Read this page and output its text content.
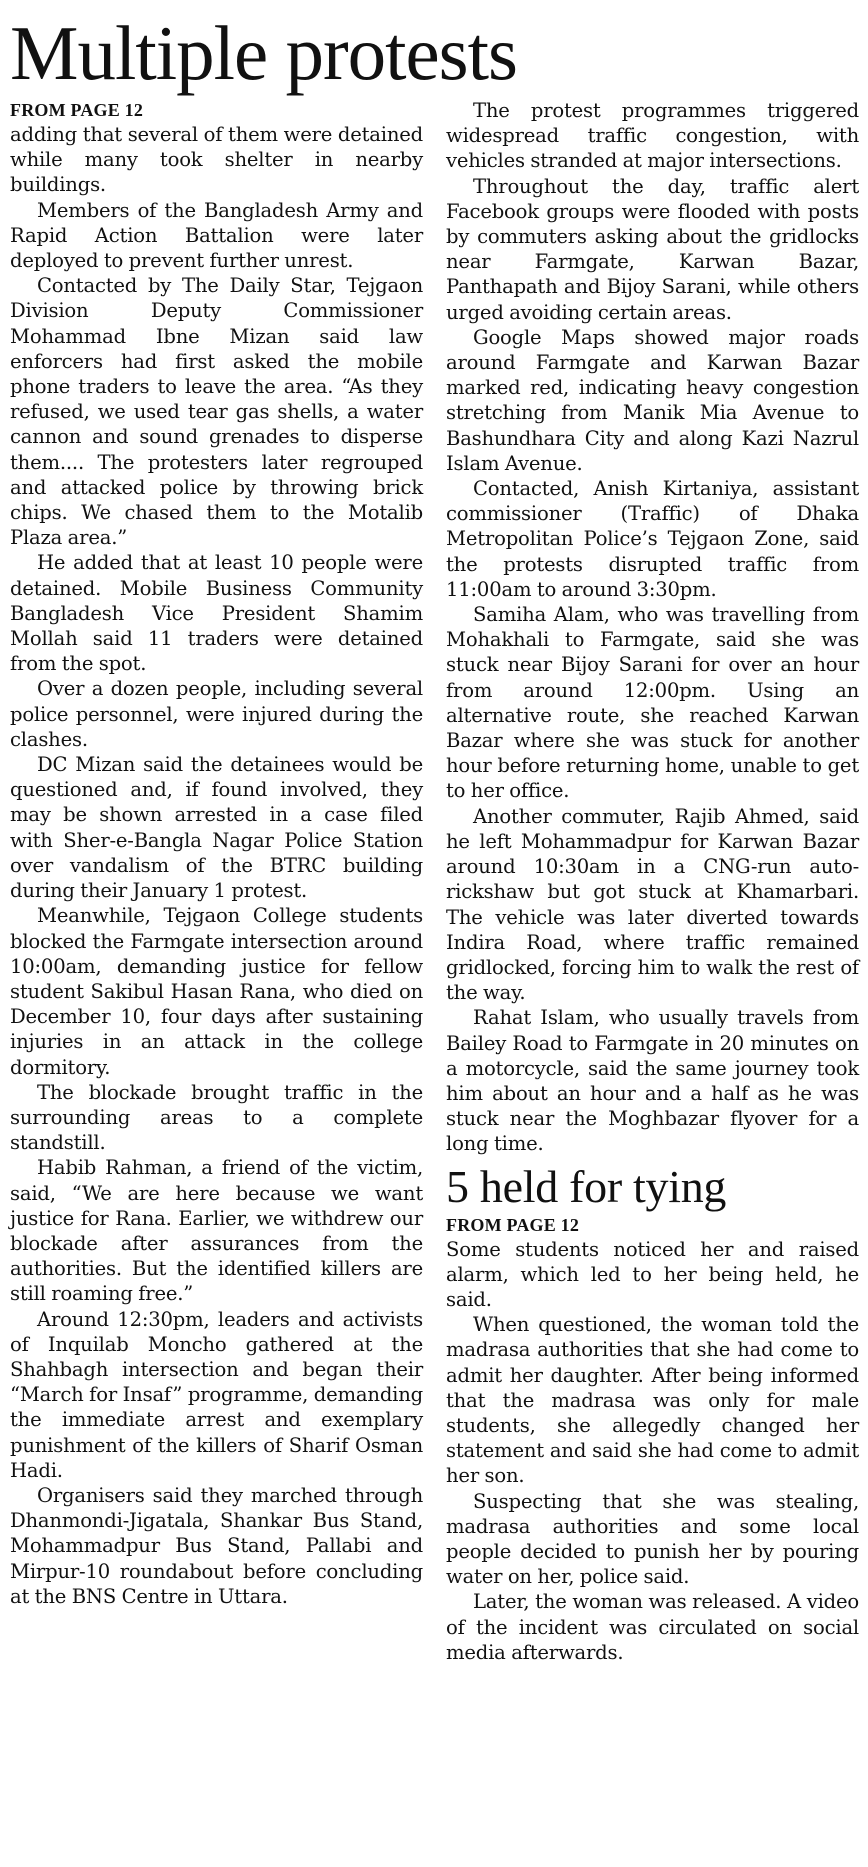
Multiple protests
FROM PAGE 12

adding that several of them were detained while many took shelter in nearby buildings.

Members of the Bangladesh Army and Rapid Action Battalion were later deployed to prevent further unrest.

Contacted by The Daily Star, Tejgaon Division Deputy Commissioner Mohammad Ibne Mizan said law enforcers had first asked the mobile phone traders to leave the area. “As they refused, we used tear gas shells, a water cannon and sound grenades to disperse them.... The protesters later regrouped and attacked police by throwing brick chips. We chased them to the Motalib Plaza area.”

He added that at least 10 people were detained. Mobile Business Community Bangladesh Vice President Shamim Mollah said 11 traders were detained from the spot.

Over a dozen people, including several police personnel, were injured during the clashes.

DC Mizan said the detainees would be questioned and, if found involved, they may be shown arrested in a case filed with Sher-e-Bangla Nagar Police Station over vandalism of the BTRC building during their January 1 protest.

Meanwhile, Tejgaon College students blocked the Farmgate intersection around 10:00am, demanding justice for fellow student Sakibul Hasan Rana, who died on December 10, four days after sustaining injuries in an attack in the college dormitory.

The blockade brought traffic in the surrounding areas to a complete standstill.

Habib Rahman, a friend of the victim, said, “We are here because we want justice for Rana. Earlier, we withdrew our blockade after assurances from the authorities. But the identified killers are still roaming free.”

Around 12:30pm, leaders and activists of Inquilab Moncho gathered at the Shahbagh intersection and began their “March for Insaf” programme, demanding the immediate arrest and exemplary punishment of the killers of Sharif Osman Hadi.

Organisers said they marched through Dhanmondi-Jigatala, Shankar Bus Stand, Mohammadpur Bus Stand, Pallabi and Mirpur-10 roundabout before concluding at the BNS Centre in Uttara.

The protest programmes triggered widespread traffic congestion, with vehicles stranded at major intersections.

Throughout the day, traffic alert Facebook groups were flooded with posts by commuters asking about the gridlocks near Farmgate, Karwan Bazar, Panthapath and Bijoy Sarani, while others urged avoiding certain areas.

Google Maps showed major roads around Farmgate and Karwan Bazar marked red, indicating heavy congestion stretching from Manik Mia Avenue to Bashundhara City and along Kazi Nazrul Islam Avenue.

Contacted, Anish Kirtaniya, assistant commissioner (Traffic) of Dhaka Metropolitan Police’s Tejgaon Zone, said the protests disrupted traffic from 11:00am to around 3:30pm.

Samiha Alam, who was travelling from Mohakhali to Farmgate, said she was stuck near Bijoy Sarani for over an hour from around 12:00pm. Using an alternative route, she reached Karwan Bazar where she was stuck for another hour before returning home, unable to get to her office.

Another commuter, Rajib Ahmed, said he left Mohammadpur for Karwan Bazar around 10:30am in a CNG-run auto-rickshaw but got stuck at Khamarbari. The vehicle was later diverted towards Indira Road, where traffic remained gridlocked, forcing him to walk the rest of the way.

Rahat Islam, who usually travels from Bailey Road to Farmgate in 20 minutes on a motorcycle, said the same journey took him about an hour and a half as he was stuck near the Moghbazar flyover for a long time.

5 held for tying
FROM PAGE 12

Some students noticed her and raised alarm, which led to her being held, he said.

When questioned, the woman told the madrasa authorities that she had come to admit her daughter. After being informed that the madrasa was only for male students, she allegedly changed her statement and said she had come to admit her son.

Suspecting that she was stealing, madrasa authorities and some local people decided to punish her by pouring water on her, police said.

Later, the woman was released. A video of the incident was circulated on social media afterwards.
